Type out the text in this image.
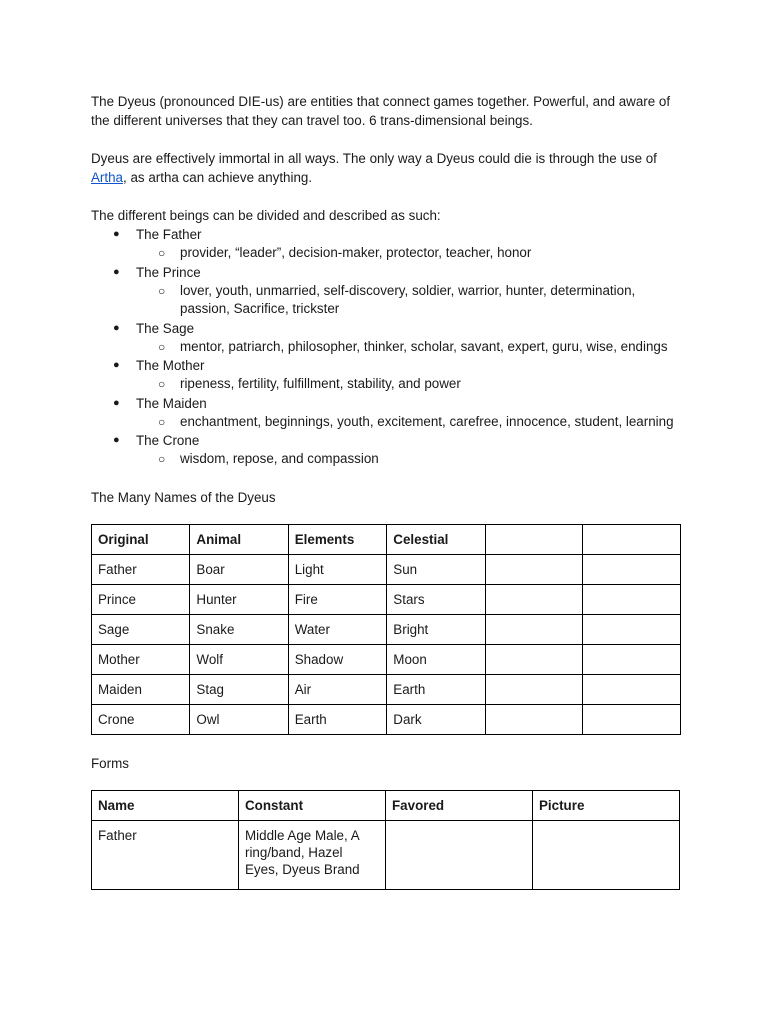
The Dyeus (pronounced DIE-us) are entities that connect games together. Powerful, and aware of the different universes that they can travel too. 6 trans-dimensional beings.

Dyeus are effectively immortal in all ways. The only way a Dyeus could die is through the use of Artha, as artha can achieve anything.

The different beings can be divided and described as such:

● The Father
○ provider, “leader”, decision-maker, protector, teacher, honor
● The Prince
○ lover, youth, unmarried, self-discovery, soldier, warrior, hunter, determination, passion, Sacrifice, trickster
● The Sage
○ mentor, patriarch, philosopher, thinker, scholar, savant, expert, guru, wise, endings
● The Mother
○ ripeness, fertility, fulfillment, stability, and power
● The Maiden
○ enchantment, beginnings, youth, excitement, carefree, innocence, student, learning
● The Crone
○ wisdom, repose, and compassion

The Many Names of the Dyeus

Original	Animal	Elements	Celestial		
Father	Boar	Light	Sun		
Prince	Hunter	Fire	Stars		
Sage	Snake	Water	Bright		
Mother	Wolf	Shadow	Moon		
Maiden	Stag	Air	Earth		
Crone	Owl	Earth	Dark		

Forms

Name	Constant	Favored	Picture
Father	Middle Age Male, A ring/band, Hazel Eyes, Dyeus Brand		
